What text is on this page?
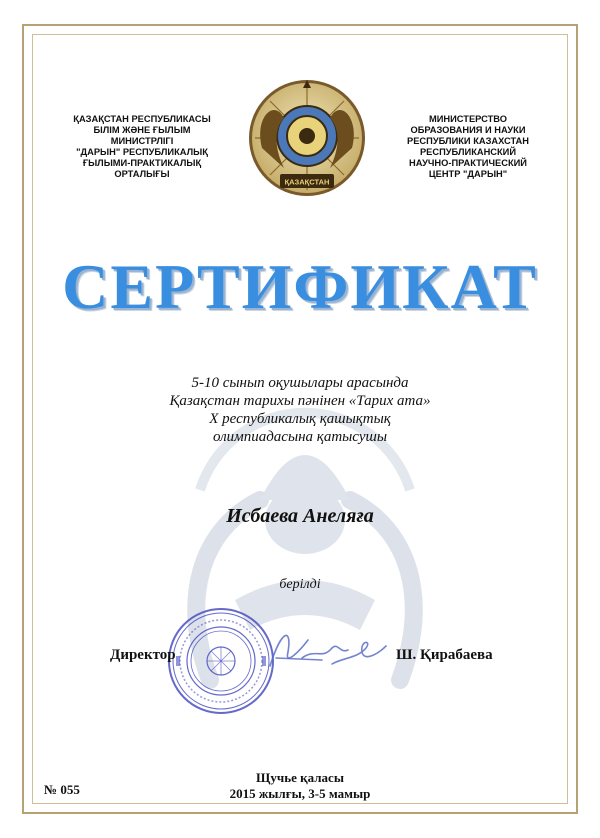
ҚАЗАҚСТАН РЕСПУБЛИКАСЫ
БІЛІМ ЖӘНЕ ҒЫЛЫМ
МИНИСТРЛІГІ
"ДАРЫН" РЕСПУБЛИКАЛЫҚ
ҒЫЛЫМИ-ПРАКТИКАЛЫҚ
ОРТАЛЫҒЫ
ҚАЗАҚСТАН
МИНИСТЕРСТВО
ОБРАЗОВАНИЯ И НАУКИ
РЕСПУБЛИКИ КАЗАХСТАН
РЕСПУБЛИКАНСКИЙ
НАУЧНО-ПРАКТИЧЕСКИЙ
ЦЕНТР "ДАРЫН"
СЕРТИФИКАТ
5-10 сынып оқушылары арасында
Қазақстан тарихы пәнінен «Тарих ата»
Х республикалық қашықтық
олимпиадасына қатысушы
Исбаева Анеляға
берілді
Директор	Ш. Қирабаева
№ 055
Щучье қаласы
2015 жылғы, 3-5 мамыр
